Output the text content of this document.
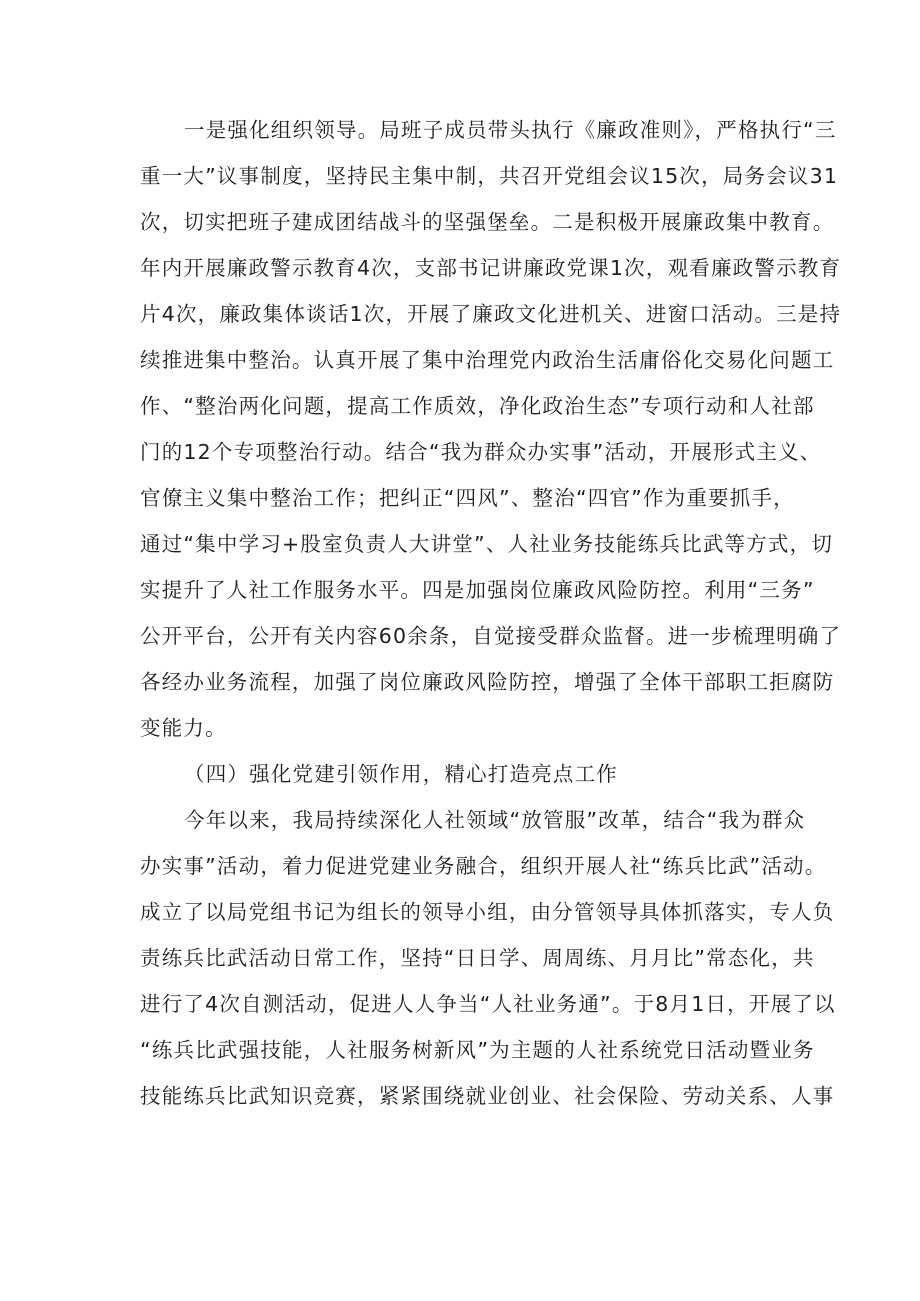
一是强化组织领导。局班子成员带头执行《廉政准则》，严格执行“三
重一大”议事制度，坚持民主集中制，共召开党组会议15次，局务会议31
次，切实把班子建成团结战斗的坚强堡垒。二是积极开展廉政集中教育。
年内开展廉政警示教育4次，支部书记讲廉政党课1次，观看廉政警示教育
片4次，廉政集体谈话1次，开展了廉政文化进机关、进窗口活动。三是持
续推进集中整治。认真开展了集中治理党内政治生活庸俗化交易化问题工
作、“整治两化问题，提高工作质效，净化政治生态”专项行动和人社部
门的12个专项整治行动。结合“我为群众办实事”活动，开展形式主义、
官僚主义集中整治工作；把纠正“四风”、整治“四官”作为重要抓手，
通过“集中学习+股室负责人大讲堂”、人社业务技能练兵比武等方式，切
实提升了人社工作服务水平。四是加强岗位廉政风险防控。利用“三务”
公开平台，公开有关内容60余条，自觉接受群众监督。进一步梳理明确了
各经办业务流程，加强了岗位廉政风险防控，增强了全体干部职工拒腐防
变能力。
（四）强化党建引领作用，精心打造亮点工作
今年以来，我局持续深化人社领域“放管服”改革，结合“我为群众
办实事”活动，着力促进党建业务融合，组织开展人社“练兵比武”活动。
成立了以局党组书记为组长的领导小组，由分管领导具体抓落实，专人负
责练兵比武活动日常工作，坚持“日日学、周周练、月月比”常态化，共
进行了4次自测活动，促进人人争当“人社业务通”。于8月1日，开展了以
“练兵比武强技能，人社服务树新风”为主题的人社系统党日活动暨业务
技能练兵比武知识竞赛，紧紧围绕就业创业、社会保险、劳动关系、人事
